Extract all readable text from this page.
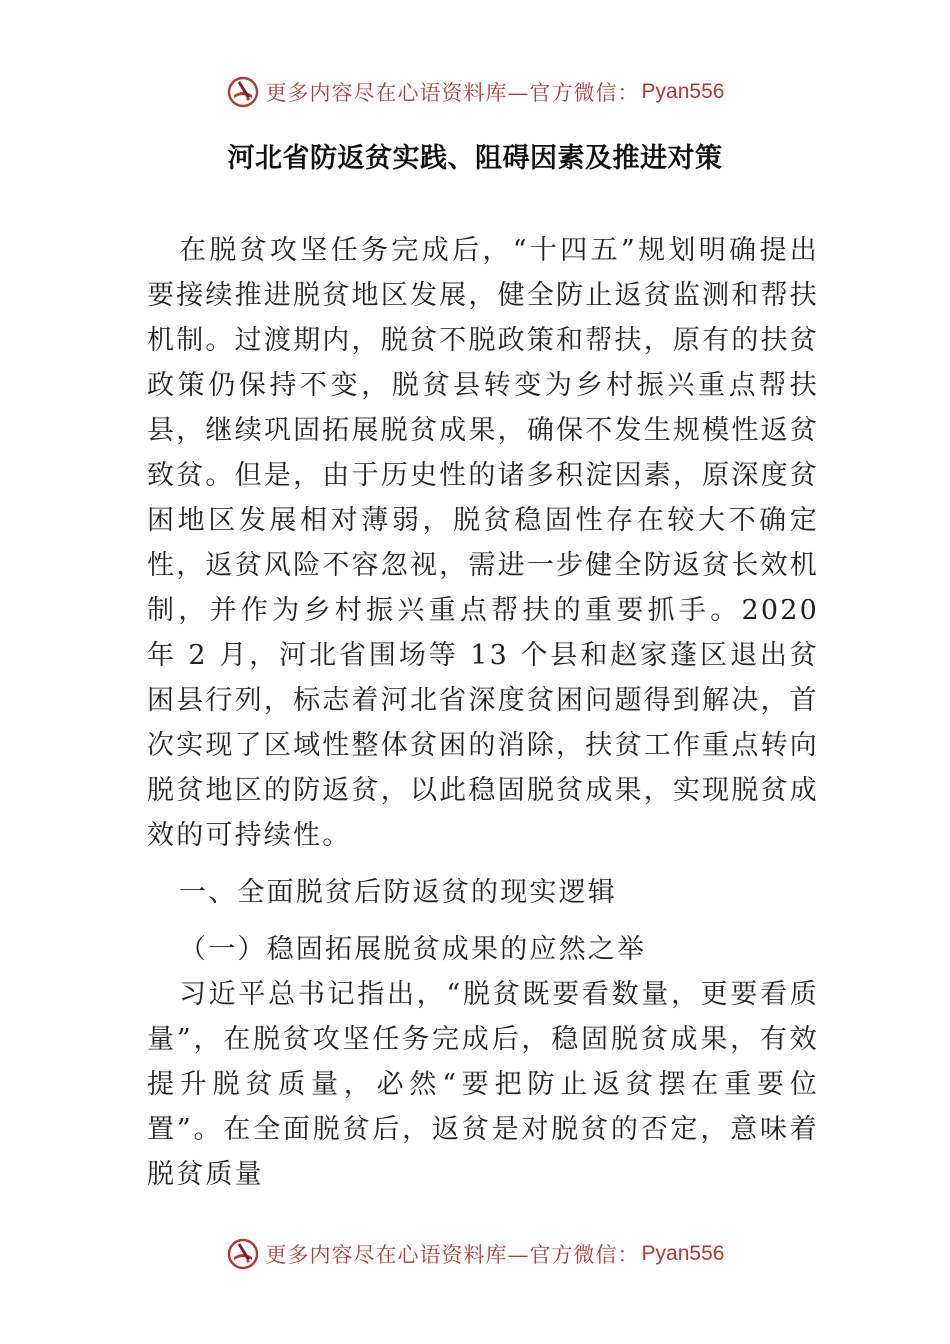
更多内容尽在心语资料库—官方微信： Pyan556
河北省防返贫实践、阻碍因素及推进对策

在脱贫攻坚任务完成后，“十四五”规划明确提出要接续推进脱贫地区发展，健全防止返贫监测和帮扶机制。过渡期内，脱贫不脱政策和帮扶，原有的扶贫政策仍保持不变，脱贫县转变为乡村振兴重点帮扶县，继续巩固拓展脱贫成果，确保不发生规模性返贫致贫。但是，由于历史性的诸多积淀因素，原深度贫困地区发展相对薄弱，脱贫稳固性存在较大不确定性，返贫风险不容忽视，需进一步健全防返贫长效机制，并作为乡村振兴重点帮扶的重要抓手。2020 年 2 月，河北省围场等 13 个县和赵家蓬区退出贫困县行列，标志着河北省深度贫困问题得到解决，首次实现了区域性整体贫困的消除，扶贫工作重点转向脱贫地区的防返贫，以此稳固脱贫成果，实现脱贫成效的可持续性。

一、全面脱贫后防返贫的现实逻辑

（一）稳固拓展脱贫成果的应然之举

习近平总书记指出，“脱贫既要看数量，更要看质量”，在脱贫攻坚任务完成后，稳固脱贫成果，有效提升脱贫质量，必然“要把防止返贫摆在重要位置”。在全面脱贫后，返贫是对脱贫的否定，意味着脱贫质量

更多内容尽在心语资料库—官方微信： Pyan556
